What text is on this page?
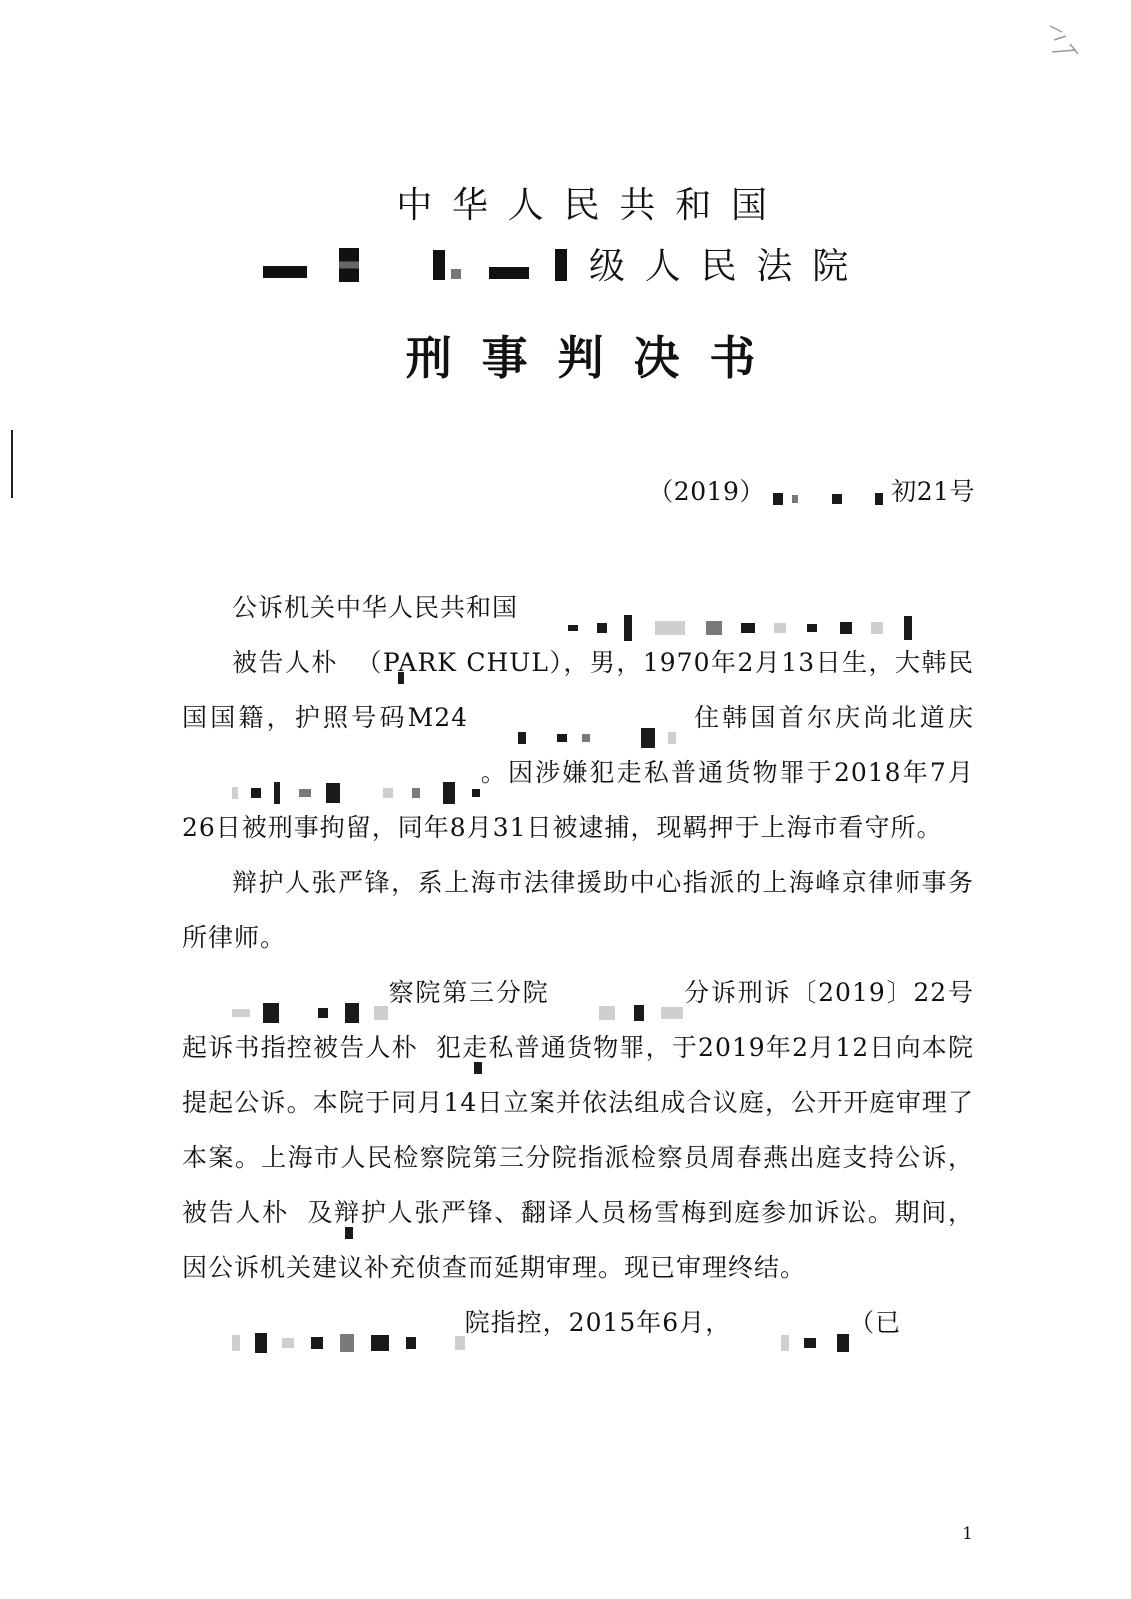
中华人民共和国
级人民法院
刑事判决书
（2019）	初21号

公诉机关中华人民共和国

被告人朴 （PARK CHUL），男，1970年2月13日生，大韩民国国籍，护照号码M24	住韩国首尔庆尚北道庆        。因涉嫌犯走私普通货物罪于2018年7月26日被刑事拘留，同年8月31日被逮捕，现羁押于上海市看守所。

辩护人张严锋，系上海市法律援助中心指派的上海峰京律师事务所律师。

察院第三分院	分诉刑诉〔2019〕22号起诉书指控被告人朴 犯走私普通货物罪，于2019年2月12日向本院提起公诉。本院于同月14日立案并依法组成合议庭，公开开庭审理了本案。上海市人民检察院第三分院指派检察员周春燕出庭支持公诉，被告人朴 及辩护人张严锋、翻译人员杨雪梅到庭参加诉讼。期间，因公诉机关建议补充侦查而延期审理。现已审理终结。

院指控，2015年6月，	（已

1
